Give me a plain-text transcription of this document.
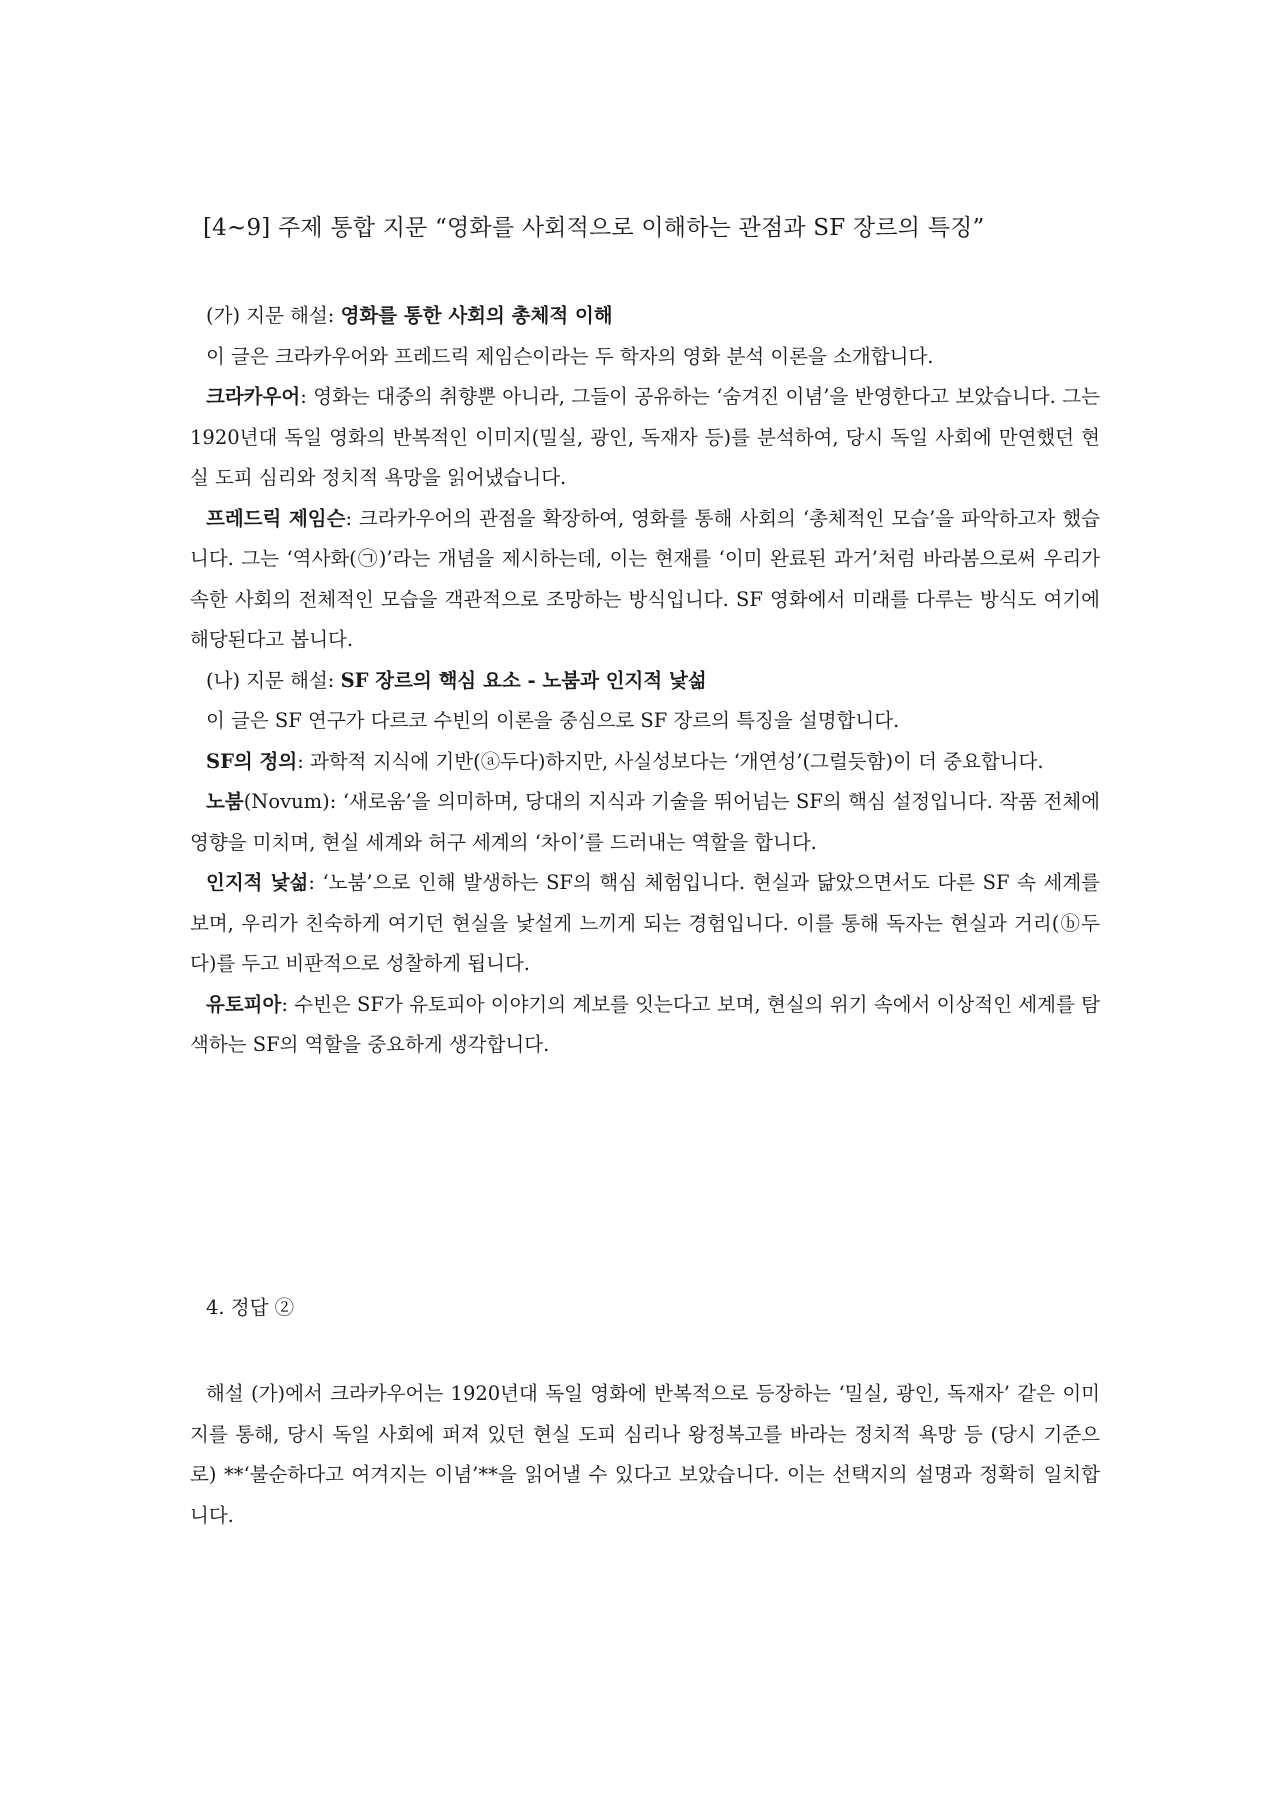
[4~9] 주제 통합 지문 “영화를 사회적으로 이해하는 관점과 SF 장르의 특징”

(가) 지문 해설: 영화를 통한 사회의 총체적 이해

이 글은 크라카우어와 프레드릭 제임슨이라는 두 학자의 영화 분석 이론을 소개합니다.

크라카우어: 영화는 대중의 취향뿐 아니라, 그들이 공유하는 ‘숨겨진 이념’을 반영한다고 보았습니다. 그는 1920년대 독일 영화의 반복적인 이미지(밀실, 광인, 독재자 등)를 분석하여, 당시 독일 사회에 만연했던 현실 도피 심리와 정치적 욕망을 읽어냈습니다.

프레드릭 제임슨: 크라카우어의 관점을 확장하여, 영화를 통해 사회의 ‘총체적인 모습’을 파악하고자 했습니다. 그는 ‘역사화(㉠)’라는 개념을 제시하는데, 이는 현재를 ‘이미 완료된 과거’처럼 바라봄으로써 우리가 속한 사회의 전체적인 모습을 객관적으로 조망하는 방식입니다. SF 영화에서 미래를 다루는 방식도 여기에 해당된다고 봅니다.

(나) 지문 해설: SF 장르의 핵심 요소 - 노붐과 인지적 낯섦

이 글은 SF 연구가 다르코 수빈의 이론을 중심으로 SF 장르의 특징을 설명합니다.

SF의 정의: 과학적 지식에 기반(ⓐ두다)하지만, 사실성보다는 ‘개연성’(그럴듯함)이 더 중요합니다.

노붐(Novum): ‘새로움’을 의미하며, 당대의 지식과 기술을 뛰어넘는 SF의 핵심 설정입니다. 작품 전체에 영향을 미치며, 현실 세계와 허구 세계의 ‘차이’를 드러내는 역할을 합니다.

인지적 낯섦: ‘노붐’으로 인해 발생하는 SF의 핵심 체험입니다. 현실과 닮았으면서도 다른 SF 속 세계를 보며, 우리가 친숙하게 여기던 현실을 낯설게 느끼게 되는 경험입니다. 이를 통해 독자는 현실과 거리(ⓑ두다)를 두고 비판적으로 성찰하게 됩니다.

유토피아: 수빈은 SF가 유토피아 이야기의 계보를 잇는다고 보며, 현실의 위기 속에서 이상적인 세계를 탐색하는 SF의 역할을 중요하게 생각합니다.

4. 정답 ②

해설 (가)에서 크라카우어는 1920년대 독일 영화에 반복적으로 등장하는 ‘밀실, 광인, 독재자’ 같은 이미지를 통해, 당시 독일 사회에 퍼져 있던 현실 도피 심리나 왕정복고를 바라는 정치적 욕망 등 (당시 기준으로) **‘불순하다고 여겨지는 이념’**을 읽어낼 수 있다고 보았습니다. 이는 선택지의 설명과 정확히 일치합니다.
